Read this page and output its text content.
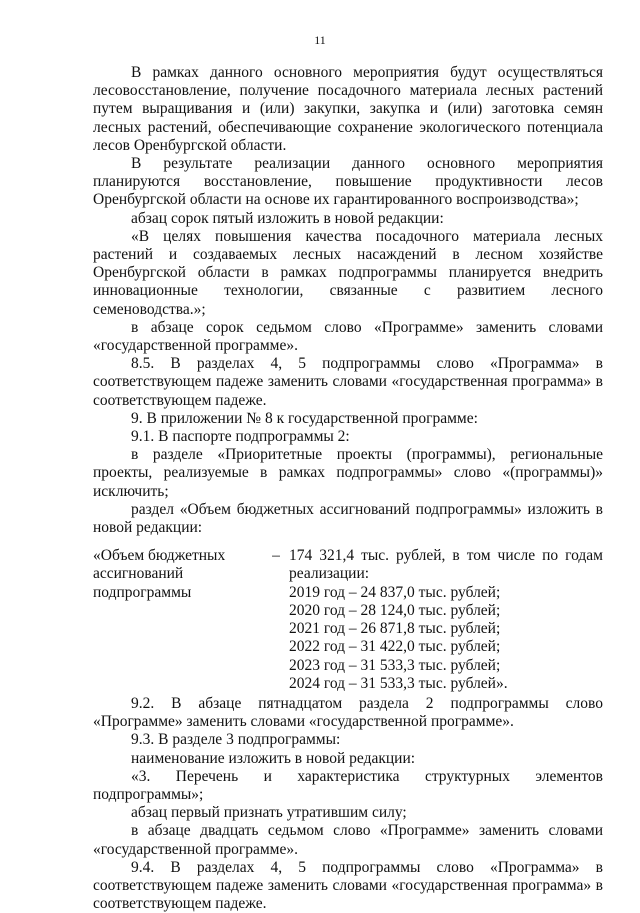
11

В рамках данного основного мероприятия будут осуществляться лесовосстановление, получение посадочного материала лесных растений путем выращивания и (или) закупки, закупка и (или) заготовка семян лесных растений, обеспечивающие сохранение экологического потенциала лесов Оренбургской области.

В результате реализации данного основного мероприятия планируются восстановление, повышение продуктивности лесов Оренбургской области на основе их гарантированного воспроизводства»;

абзац сорок пятый изложить в новой редакции:

«В целях повышения качества посадочного материала лесных растений и создаваемых лесных насаждений в лесном хозяйстве Оренбургской области в рамках подпрограммы планируется внедрить инновационные технологии, связанные с развитием лесного семеноводства.»;

в абзаце сорок седьмом слово «Программе» заменить словами «государственной программе».

8.5. В разделах 4, 5 подпрограммы слово «Программа» в соответствующем падеже заменить словами «государственная программа» в соответствующем падеже.

9. В приложении № 8 к государственной программе:

9.1. В паспорте подпрограммы 2:

в разделе «Приоритетные проекты (программы), региональные проекты, реализуемые в рамках подпрограммы» слово «(программы)» исключить;

раздел «Объем бюджетных ассигнований подпрограммы» изложить в новой редакции:

«Объем бюджетных ассигнований подпрограммы
– 174 321,4 тыс. рублей, в том числе по годам реализации:
2019 год – 24 837,0 тыс. рублей;
2020 год – 28 124,0 тыс. рублей;
2021 год – 26 871,8 тыс. рублей;
2022 год – 31 422,0 тыс. рублей;
2023 год – 31 533,3 тыс. рублей;
2024 год – 31 533,3 тыс. рублей».

9.2. В абзаце пятнадцатом раздела 2 подпрограммы слово «Программе» заменить словами «государственной программе».

9.3. В разделе 3 подпрограммы:

наименование изложить в новой редакции:

«3. Перечень и характеристика структурных элементов подпрограммы»;

абзац первый признать утратившим силу;

в абзаце двадцать седьмом слово «Программе» заменить словами «государственной программе».

9.4. В разделах 4, 5 подпрограммы слово «Программа» в соответствующем падеже заменить словами «государственная программа» в соответствующем падеже.
